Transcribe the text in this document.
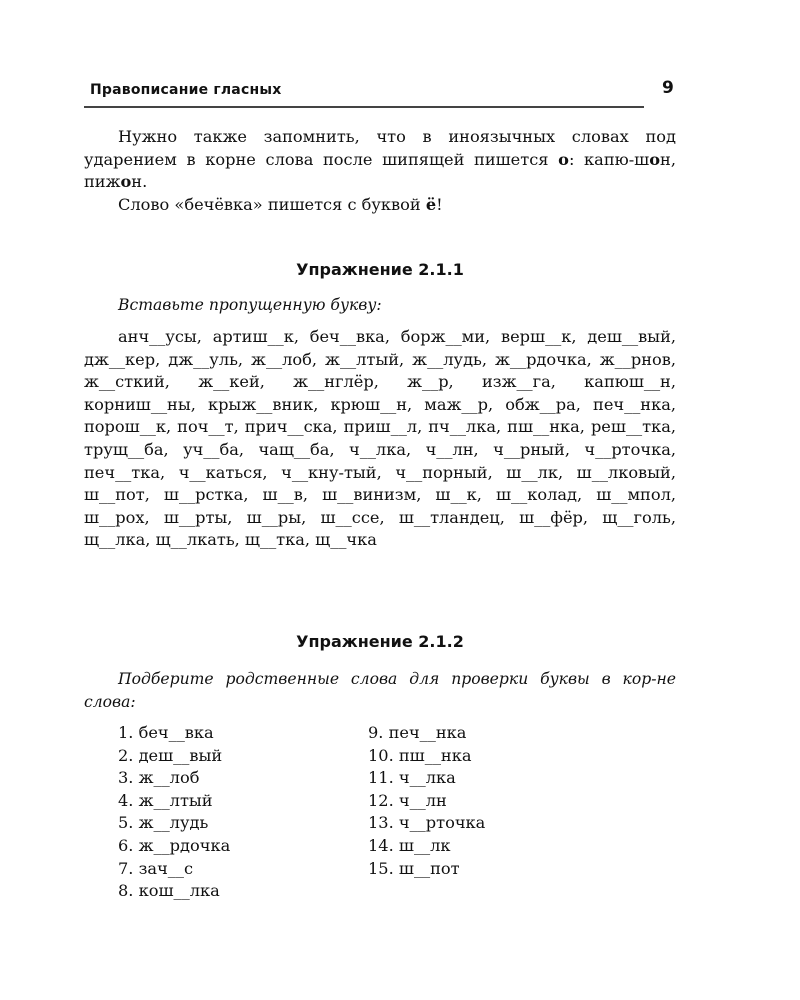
Правописание гласных	9

Нужно также запомнить, что в иноязычных словах под ударением в корне слова после шипящей пишется о: капю-шон, пижон.

Слово «бечёвка» пишется с буквой ё!

Упражнение 2.1.1

Вставьте пропущенную букву:

анч__усы, артиш__к, беч__вка, борж__ми, верш__к, деш__вый, дж__кер, дж__уль, ж__лоб, ж__лтый, ж__лудь, ж__рдочка, ж__рнов, ж__сткий, ж__кей, ж__нглёр, ж__р, изж__га, капюш__н, корниш__ны, крыж__вник, крюш__н, маж__р, обж__ра, печ__нка, порош__к, поч__т, прич__ска, приш__л, пч__лка, пш__нка, реш__тка, трущ__ба, уч__ба, чащ__ба, ч__лка, ч__лн, ч__рный, ч__рточка, печ__тка, ч__каться, ч__кну-тый, ч__порный, ш__лк, ш__лковый, ш__пот, ш__рстка, ш__в, ш__винизм, ш__к, ш__колад, ш__мпол, ш__рох, ш__рты, ш__ры, ш__ссе, ш__тландец, ш__фёр, щ__голь, щ__лка, щ__лкать, щ__тка, щ__чка

Упражнение 2.1.2

Подберите родственные слова для проверки буквы в кор-не слова:

1. беч__вка
2. деш__вый
3. ж__лоб
4. ж__лтый
5. ж__лудь
6. ж__рдочка
7. зач__с
8. кош__лка
9. печ__нка
10. пш__нка
11. ч__лка
12. ч__лн
13. ч__рточка
14. ш__лк
15. ш__пот
